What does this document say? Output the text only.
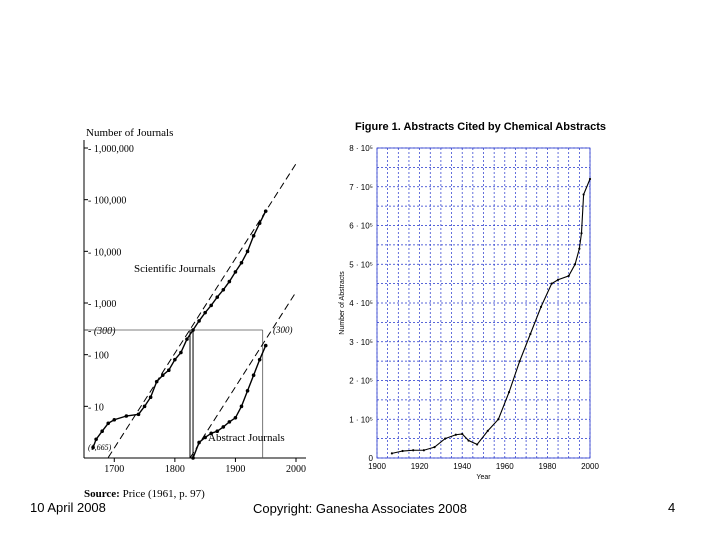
Number of Journals
- 1,000,000
- 100,000
- 10,000
- 1,000
- (300)
- 100
- 10
1700	1800	1900	2000
Scientific Journals
Abstract Journals
(1,665)
(300)
Figure 1. Abstracts Cited by Chemical Abstracts
0
1 · 10⁵
2 · 10⁵
3 · 10⁵
4 · 10⁵
5 · 10⁵
6 · 10⁵
7 · 10⁵
8 · 10⁵
1900	1920	1940	1960	1980	2000
Number of Abstracts
Year
Source: Price (1961, p. 97)
10 April 2008	Copyright: Ganesha Associates 2008	4
